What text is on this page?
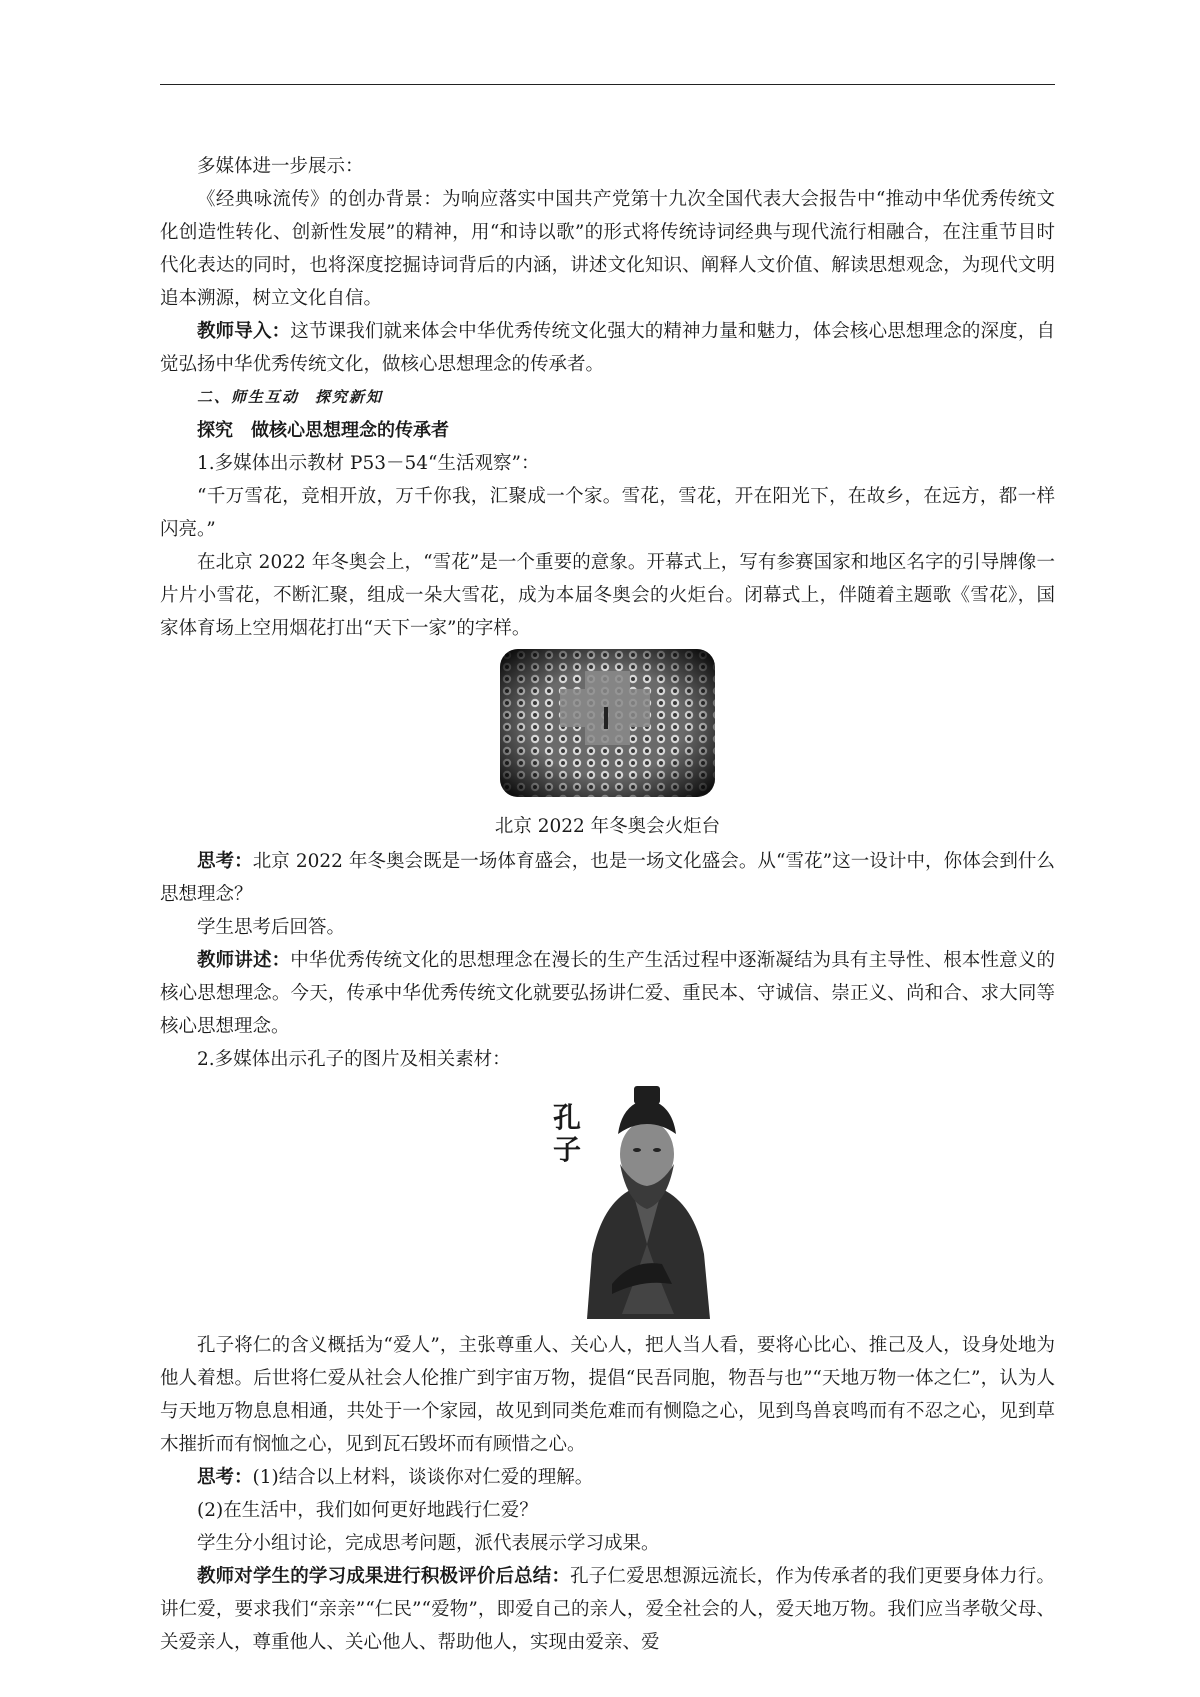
多媒体进一步展示：

《经典咏流传》的创办背景：为响应落实中国共产党第十九次全国代表大会报告中“推动中华优秀传统文化创造性转化、创新性发展”的精神，用“和诗以歌”的形式将传统诗词经典与现代流行相融合，在注重节目时代化表达的同时，也将深度挖掘诗词背后的内涵，讲述文化知识、阐释人文价值、解读思想观念，为现代文明追本溯源，树立文化自信。

教师导入：这节课我们就来体会中华优秀传统文化强大的精神力量和魅力，体会核心思想理念的深度，自觉弘扬中华优秀传统文化，做核心思想理念的传承者。

二、师生互动 探究新知

探究 做核心思想理念的传承者

1.多媒体出示教材 P53－54“生活观察”：

“千万雪花，竞相开放，万千你我，汇聚成一个家。雪花，雪花，开在阳光下，在故乡，在远方，都一样闪亮。”

在北京 2022 年冬奥会上，“雪花”是一个重要的意象。开幕式上，写有参赛国家和地区名字的引导牌像一片片小雪花，不断汇聚，组成一朵大雪花，成为本届冬奥会的火炬台。闭幕式上，伴随着主题歌《雪花》，国家体育场上空用烟花打出“天下一家”的字样。

北京 2022 年冬奥会火炬台

思考：北京 2022 年冬奥会既是一场体育盛会，也是一场文化盛会。从“雪花”这一设计中，你体会到什么思想理念？

学生思考后回答。

教师讲述：中华优秀传统文化的思想理念在漫长的生产生活过程中逐渐凝结为具有主导性、根本性意义的核心思想理念。今天，传承中华优秀传统文化就要弘扬讲仁爱、重民本、守诚信、崇正义、尚和合、求大同等核心思想理念。

2.多媒体出示孔子的图片及相关素材：

孔子

孔子将仁的含义概括为“爱人”，主张尊重人、关心人，把人当人看，要将心比心、推己及人，设身处地为他人着想。后世将仁爱从社会人伦推广到宇宙万物，提倡“民吾同胞，物吾与也”“天地万物一体之仁”，认为人与天地万物息息相通，共处于一个家园，故见到同类危难而有恻隐之心，见到鸟兽哀鸣而有不忍之心，见到草木摧折而有悯恤之心，见到瓦石毁坏而有顾惜之心。

思考：(1)结合以上材料，谈谈你对仁爱的理解。

(2)在生活中，我们如何更好地践行仁爱？

学生分小组讨论，完成思考问题，派代表展示学习成果。

教师对学生的学习成果进行积极评价后总结：孔子仁爱思想源远流长，作为传承者的我们更要身体力行。讲仁爱，要求我们“亲亲”“仁民”“爱物”，即爱自己的亲人，爱全社会的人，爱天地万物。我们应当孝敬父母、关爱亲人，尊重他人、关心他人、帮助他人，实现由爱亲、爱
